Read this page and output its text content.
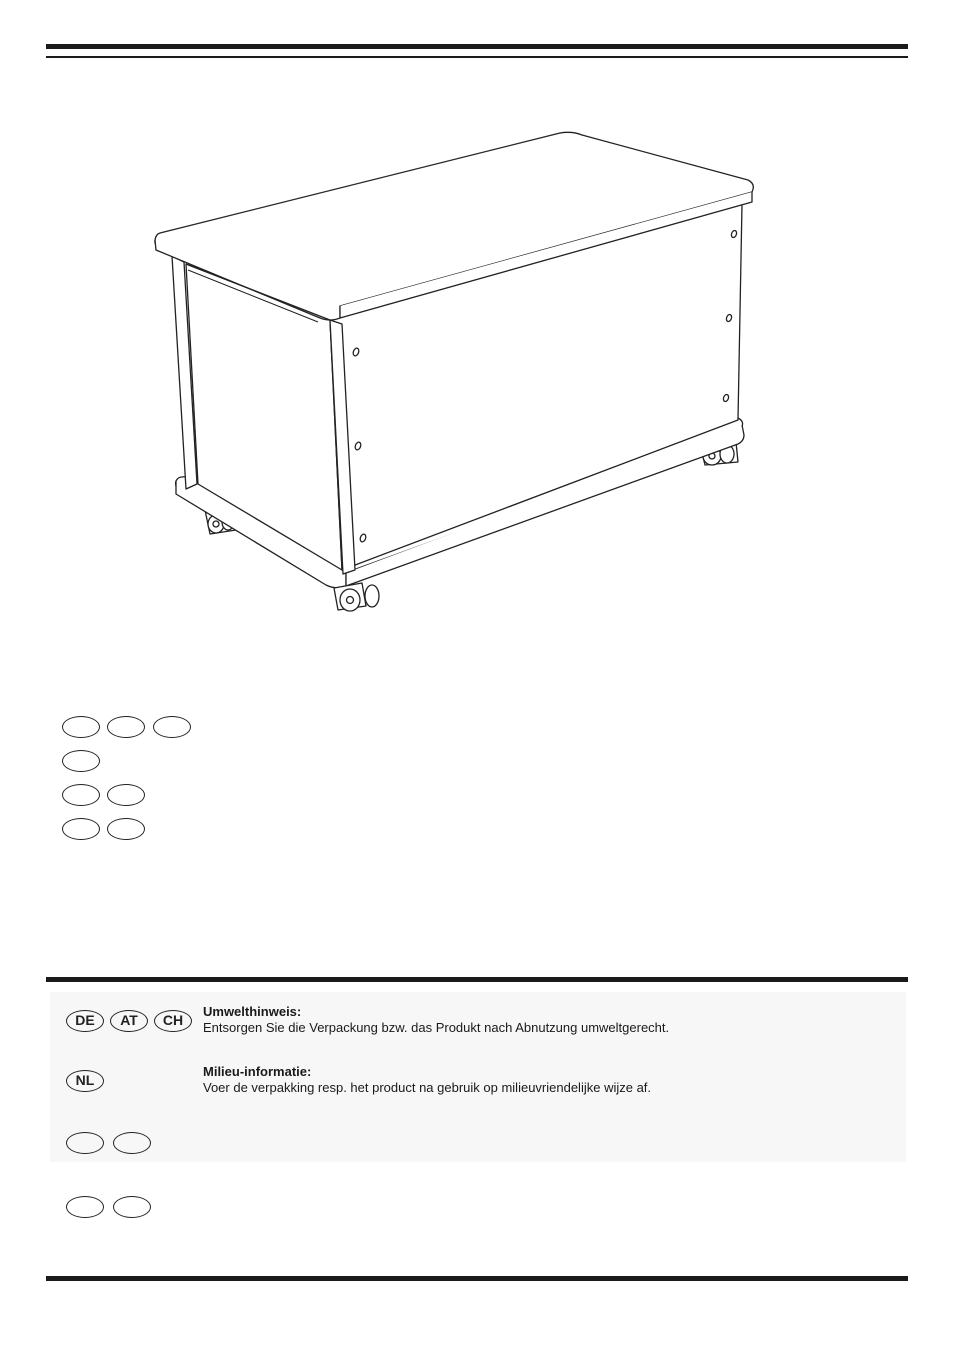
DE	AT	CH
Umwelthinweis:
Entsorgen Sie die Verpackung bzw. das Produkt nach Abnutzung umweltgerecht.
NL
Milieu-informatie:
Voer de verpakking resp. het product na gebruik op milieuvriendelijke wijze af.
